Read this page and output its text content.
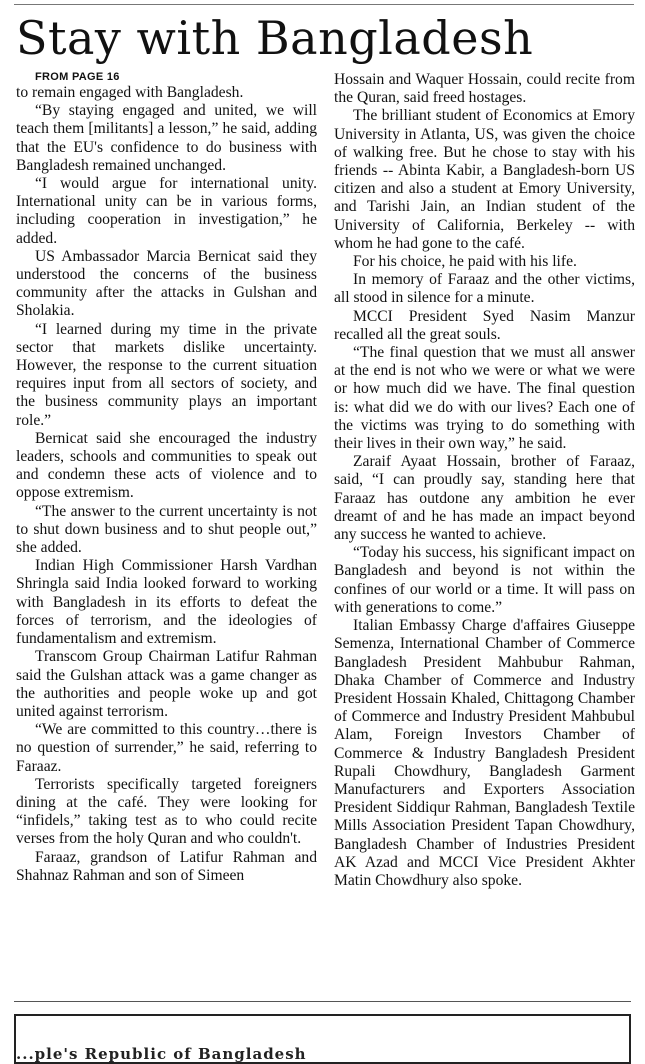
Stay with Bangladesh

FROM PAGE 16

to remain engaged with Bangladesh.

“By staying engaged and united, we will teach them [militants] a lesson,” he said, adding that the EU's confidence to do business with Bangladesh remained unchanged.

“I would argue for international unity. International unity can be in various forms, including cooperation in investigation,” he added.

US Ambassador Marcia Bernicat said they understood the concerns of the business community after the attacks in Gulshan and Sholakia.

“I learned during my time in the private sector that markets dislike uncertainty. However, the response to the current situation requires input from all sectors of society, and the business community plays an important role.”

Bernicat said she encouraged the industry leaders, schools and communities to speak out and condemn these acts of violence and to oppose extremism.

“The answer to the current uncertainty is not to shut down business and to shut people out,” she added.

Indian High Commissioner Harsh Vardhan Shringla said India looked forward to working with Bangladesh in its efforts to defeat the forces of terrorism, and the ideologies of fundamentalism and extremism.

Transcom Group Chairman Latifur Rahman said the Gulshan attack was a game changer as the authorities and people woke up and got united against terrorism.

“We are committed to this country…there is no question of surrender,” he said, referring to Faraaz.

Terrorists specifically targeted foreigners dining at the café. They were looking for “infidels,” taking test as to who could recite verses from the holy Quran and who couldn't.

Faraaz, grandson of Latifur Rahman and Shahnaz Rahman and son of Simeen

Hossain and Waquer Hossain, could recite from the Quran, said freed hostages.

The brilliant student of Economics at Emory University in Atlanta, US, was given the choice of walking free. But he chose to stay with his friends -- Abinta Kabir, a Bangladesh-born US citizen and also a student at Emory University, and Tarishi Jain, an Indian student of the University of California, Berkeley -- with whom he had gone to the café.

For his choice, he paid with his life.

In memory of Faraaz and the other victims, all stood in silence for a minute.

MCCI President Syed Nasim Manzur recalled all the great souls.

“The final question that we must all answer at the end is not who we were or what we were or how much did we have. The final question is: what did we do with our lives? Each one of the victims was trying to do something with their lives in their own way,” he said.

Zaraif Ayaat Hossain, brother of Faraaz, said, “I can proudly say, standing here that Faraaz has outdone any ambition he ever dreamt of and he has made an impact beyond any success he wanted to achieve.

“Today his success, his significant impact on Bangladesh and beyond is not within the confines of our world or a time. It will pass on with generations to come.”

Italian Embassy Charge d'affaires Giuseppe Semenza, International Chamber of Commerce Bangladesh President Mahbubur Rahman, Dhaka Chamber of Commerce and Industry President Hossain Khaled, Chittagong Chamber of Commerce and Industry President Mahbubul Alam, Foreign Investors Chamber of Commerce & Industry Bangladesh President Rupali Chowdhury, Bangladesh Garment Manufacturers and Exporters Association President Siddiqur Rahman, Bangladesh Textile Mills Association President Tapan Chowdhury, Bangladesh Chamber of Industries President AK Azad and MCCI Vice President Akhter Matin Chowdhury also spoke.

...ple's Republic of Bangladesh
